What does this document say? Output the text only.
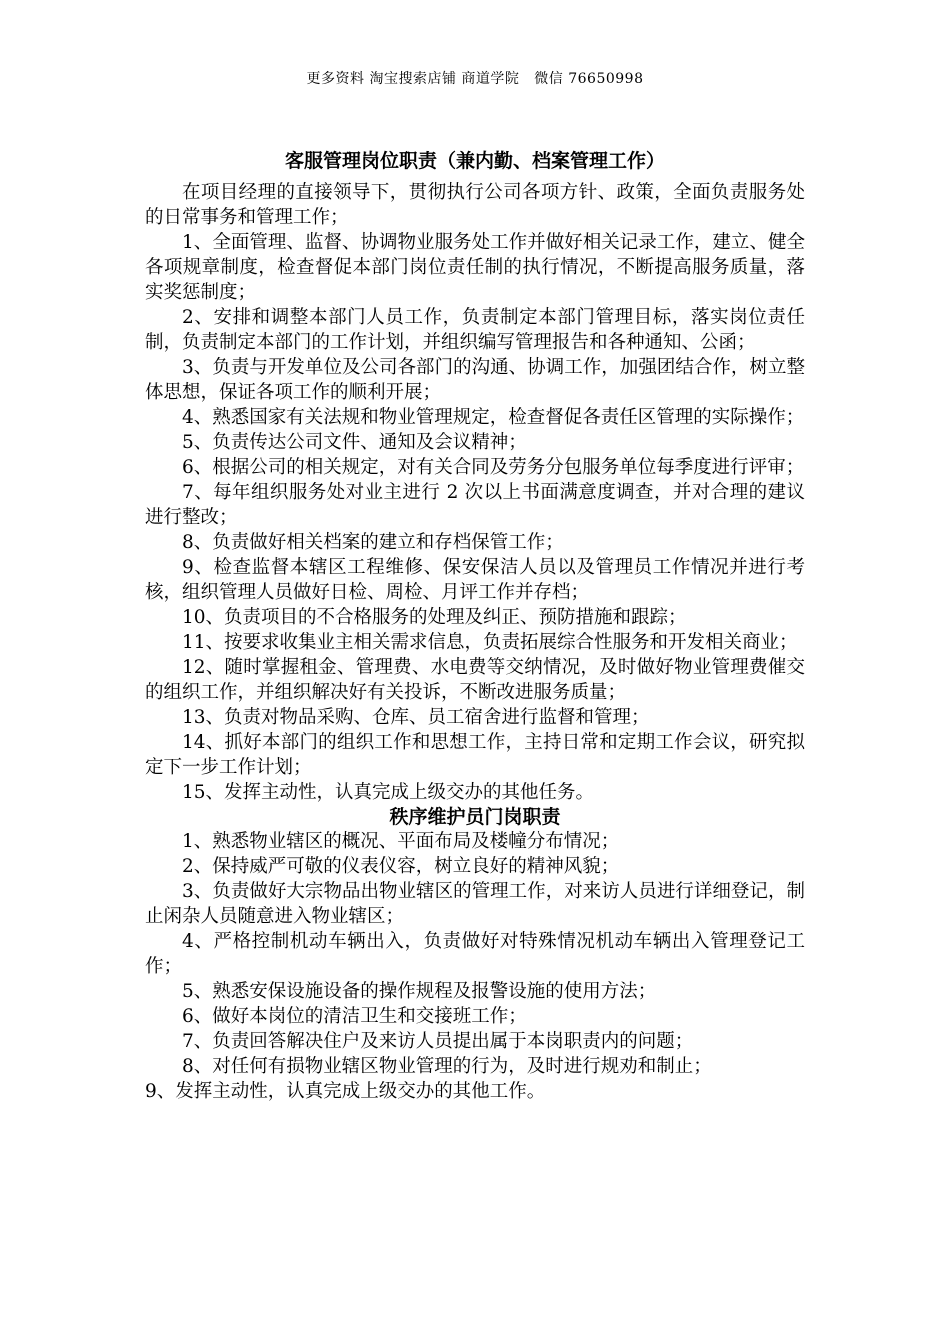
更多资料 淘宝搜索店铺 商道学院   微信 76650998
客服管理岗位职责（兼内勤、档案管理工作）

在项目经理的直接领导下，贯彻执行公司各项方针、政策，全面负责服务处的日常事务和管理工作；

1、全面管理、监督、协调物业服务处工作并做好相关记录工作，建立、健全各项规章制度，检查督促本部门岗位责任制的执行情况，不断提高服务质量，落实奖惩制度；

2、安排和调整本部门人员工作，负责制定本部门管理目标，落实岗位责任制，负责制定本部门的工作计划，并组织编写管理报告和各种通知、公函；

3、负责与开发单位及公司各部门的沟通、协调工作，加强团结合作，树立整体思想，保证各项工作的顺利开展；

4、熟悉国家有关法规和物业管理规定，检查督促各责任区管理的实际操作；

5、负责传达公司文件、通知及会议精神；

6、根据公司的相关规定，对有关合同及劳务分包服务单位每季度进行评审；

7、每年组织服务处对业主进行 2 次以上书面满意度调查，并对合理的建议进行整改；

8、负责做好相关档案的建立和存档保管工作；

9、检查监督本辖区工程维修、保安保洁人员以及管理员工作情况并进行考核，组织管理人员做好日检、周检、月评工作并存档；

10、负责项目的不合格服务的处理及纠正、预防措施和跟踪；

11、按要求收集业主相关需求信息，负责拓展综合性服务和开发相关商业；

12、随时掌握租金、管理费、水电费等交纳情况，及时做好物业管理费催交的组织工作，并组织解决好有关投诉，不断改进服务质量；

13、负责对物品采购、仓库、员工宿舍进行监督和管理；

14、抓好本部门的组织工作和思想工作，主持日常和定期工作会议，研究拟定下一步工作计划；

15、发挥主动性，认真完成上级交办的其他任务。

秩序维护员门岗职责

1、熟悉物业辖区的概况、平面布局及楼幢分布情况；

2、保持威严可敬的仪表仪容，树立良好的精神风貌；

3、负责做好大宗物品出物业辖区的管理工作，对来访人员进行详细登记，制止闲杂人员随意进入物业辖区；

4、严格控制机动车辆出入，负责做好对特殊情况机动车辆出入管理登记工作；

5、熟悉安保设施设备的操作规程及报警设施的使用方法；

6、做好本岗位的清洁卫生和交接班工作；

7、负责回答解决住户及来访人员提出属于本岗职责内的问题；

8、对任何有损物业辖区物业管理的行为，及时进行规劝和制止；

9、发挥主动性，认真完成上级交办的其他工作。
